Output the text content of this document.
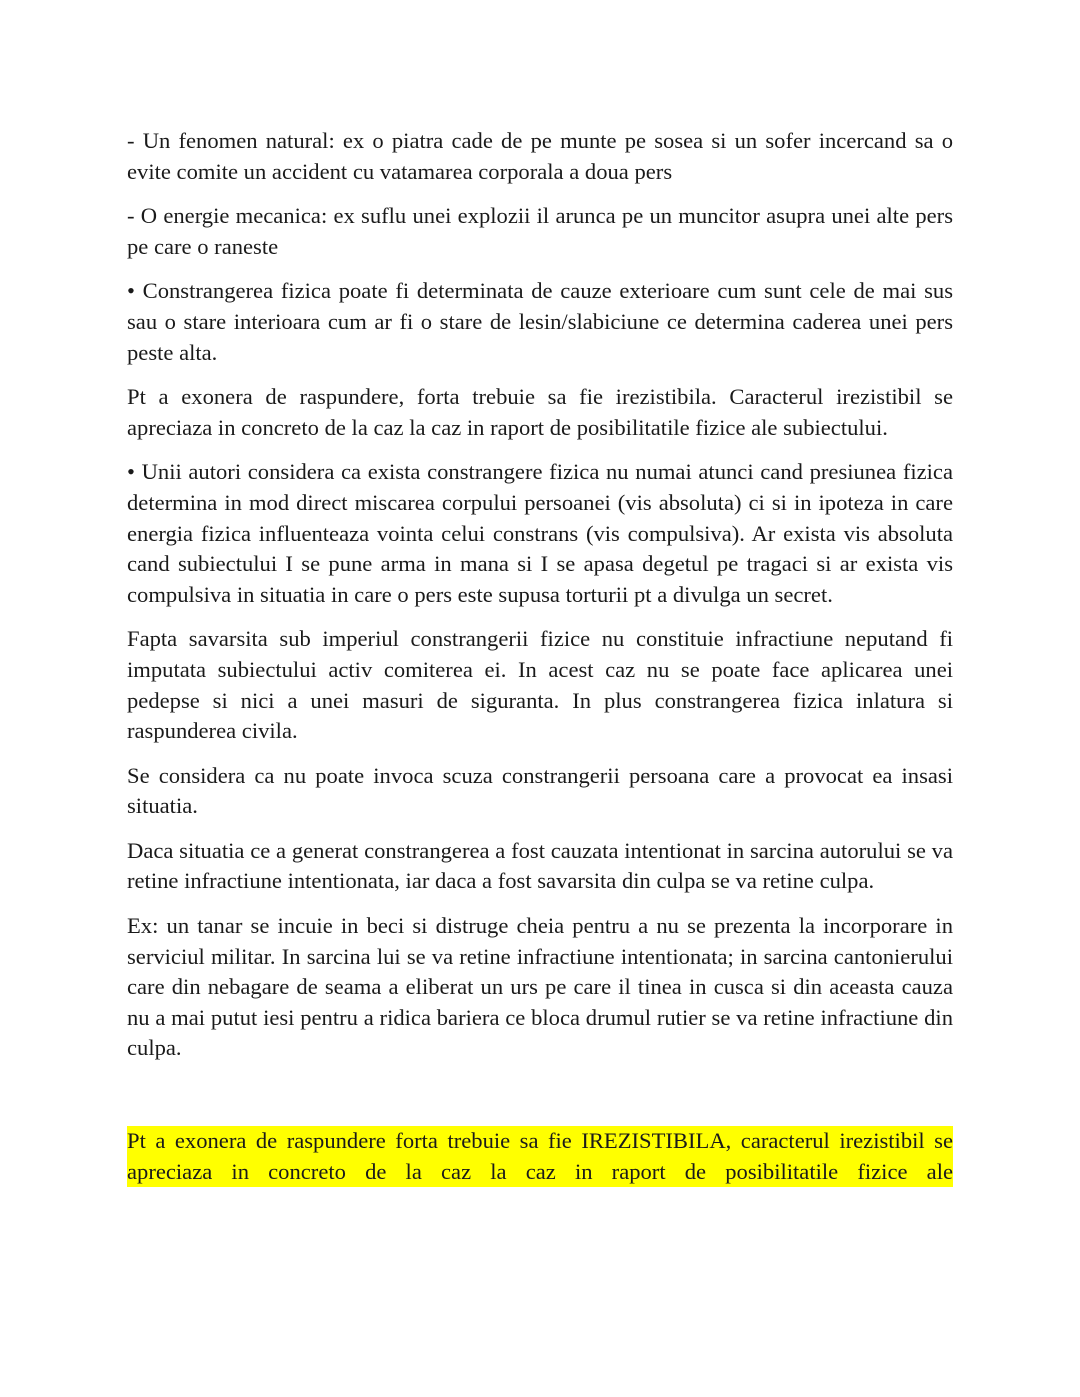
- Un fenomen natural: ex o piatra cade de pe munte pe sosea si un sofer incercand sa o evite comite un accident cu vatamarea corporala a doua pers

- O energie mecanica: ex suflu unei explozii il arunca pe un muncitor asupra unei alte pers pe care o raneste

• Constrangerea fizica poate fi determinata de cauze exterioare cum sunt cele de mai sus sau o stare interioara cum ar fi o stare de lesin/slabiciune ce determina caderea unei pers peste alta.

Pt a exonera de raspundere, forta trebuie sa fie irezistibila. Caracterul irezistibil se apreciaza in concreto de la caz la caz in raport de posibilitatile fizice ale subiectului.

• Unii autori considera ca exista constrangere fizica nu numai atunci cand presiunea fizica determina in mod direct miscarea corpului persoanei (vis absoluta) ci si in ipoteza in care energia fizica influenteaza vointa celui constrans (vis compulsiva). Ar exista vis absoluta cand subiectului I se pune arma in mana si I se apasa degetul pe tragaci si ar exista vis compulsiva in situatia in care o pers este supusa torturii pt a divulga un secret.

Fapta savarsita sub imperiul constrangerii fizice nu constituie infractiune neputand fi imputata subiectului activ comiterea ei. In acest caz nu se poate face aplicarea unei pedepse si nici a unei masuri de siguranta. In plus constrangerea fizica inlatura si raspunderea civila.

Se considera ca nu poate invoca scuza constrangerii persoana care a provocat ea insasi situatia.

Daca situatia ce a generat constrangerea a fost cauzata intentionat in sarcina autorului se va retine infractiune intentionata, iar daca a fost savarsita din culpa se va retine culpa.

Ex: un tanar se incuie in beci si distruge cheia pentru a nu se prezenta la incorporare in serviciul militar. In sarcina lui se va retine infractiune intentionata; in sarcina cantonierului care din nebagare de seama a eliberat un urs pe care il tinea in cusca si din aceasta cauza nu a mai putut iesi pentru a ridica bariera ce bloca drumul rutier se va retine infractiune din culpa.

Pt a exonera de raspundere forta trebuie sa fie IREZISTIBILA, caracterul irezistibil se apreciaza in concreto de la caz la caz in raport de posibilitatile fizice ale
